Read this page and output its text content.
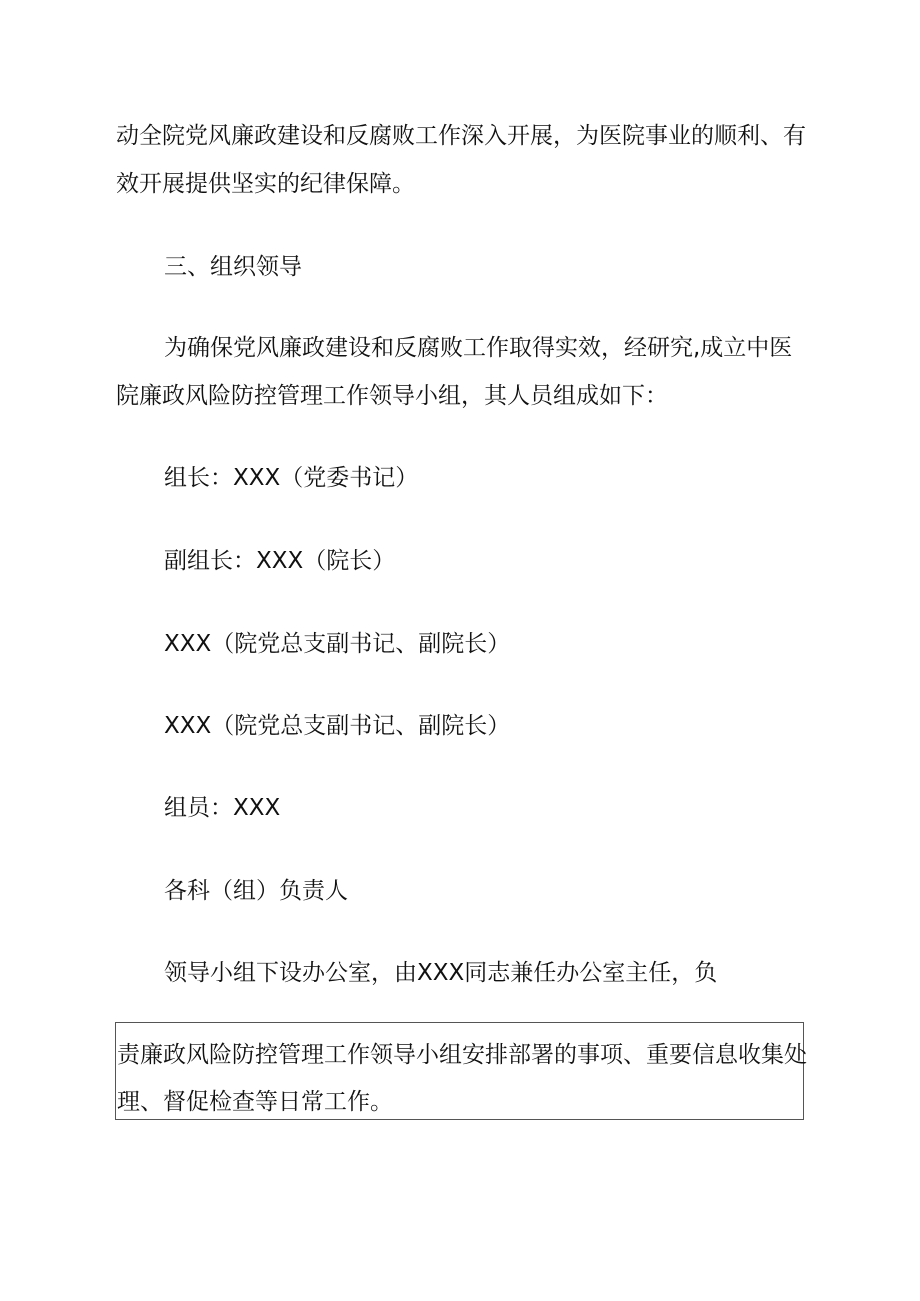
动全院党风廉政建设和反腐败工作深入开展，为医院事业的顺利、有

效开展提供坚实的纪律保障。

三、组织领导

为确保党风廉政建设和反腐败工作取得实效，经研究,成立中医

院廉政风险防控管理工作领导小组，其人员组成如下：

组长：XXX（党委书记）

副组长：XXX（院长）

XXX（院党总支副书记、副院长）

XXX（院党总支副书记、副院长）

组员：XXX

各科（组）负责人

领导小组下设办公室，由XXX同志兼任办公室主任，负

责廉政风险防控管理工作领导小组安排部署的事项、重要信息收集处

理、督促检查等日常工作。
